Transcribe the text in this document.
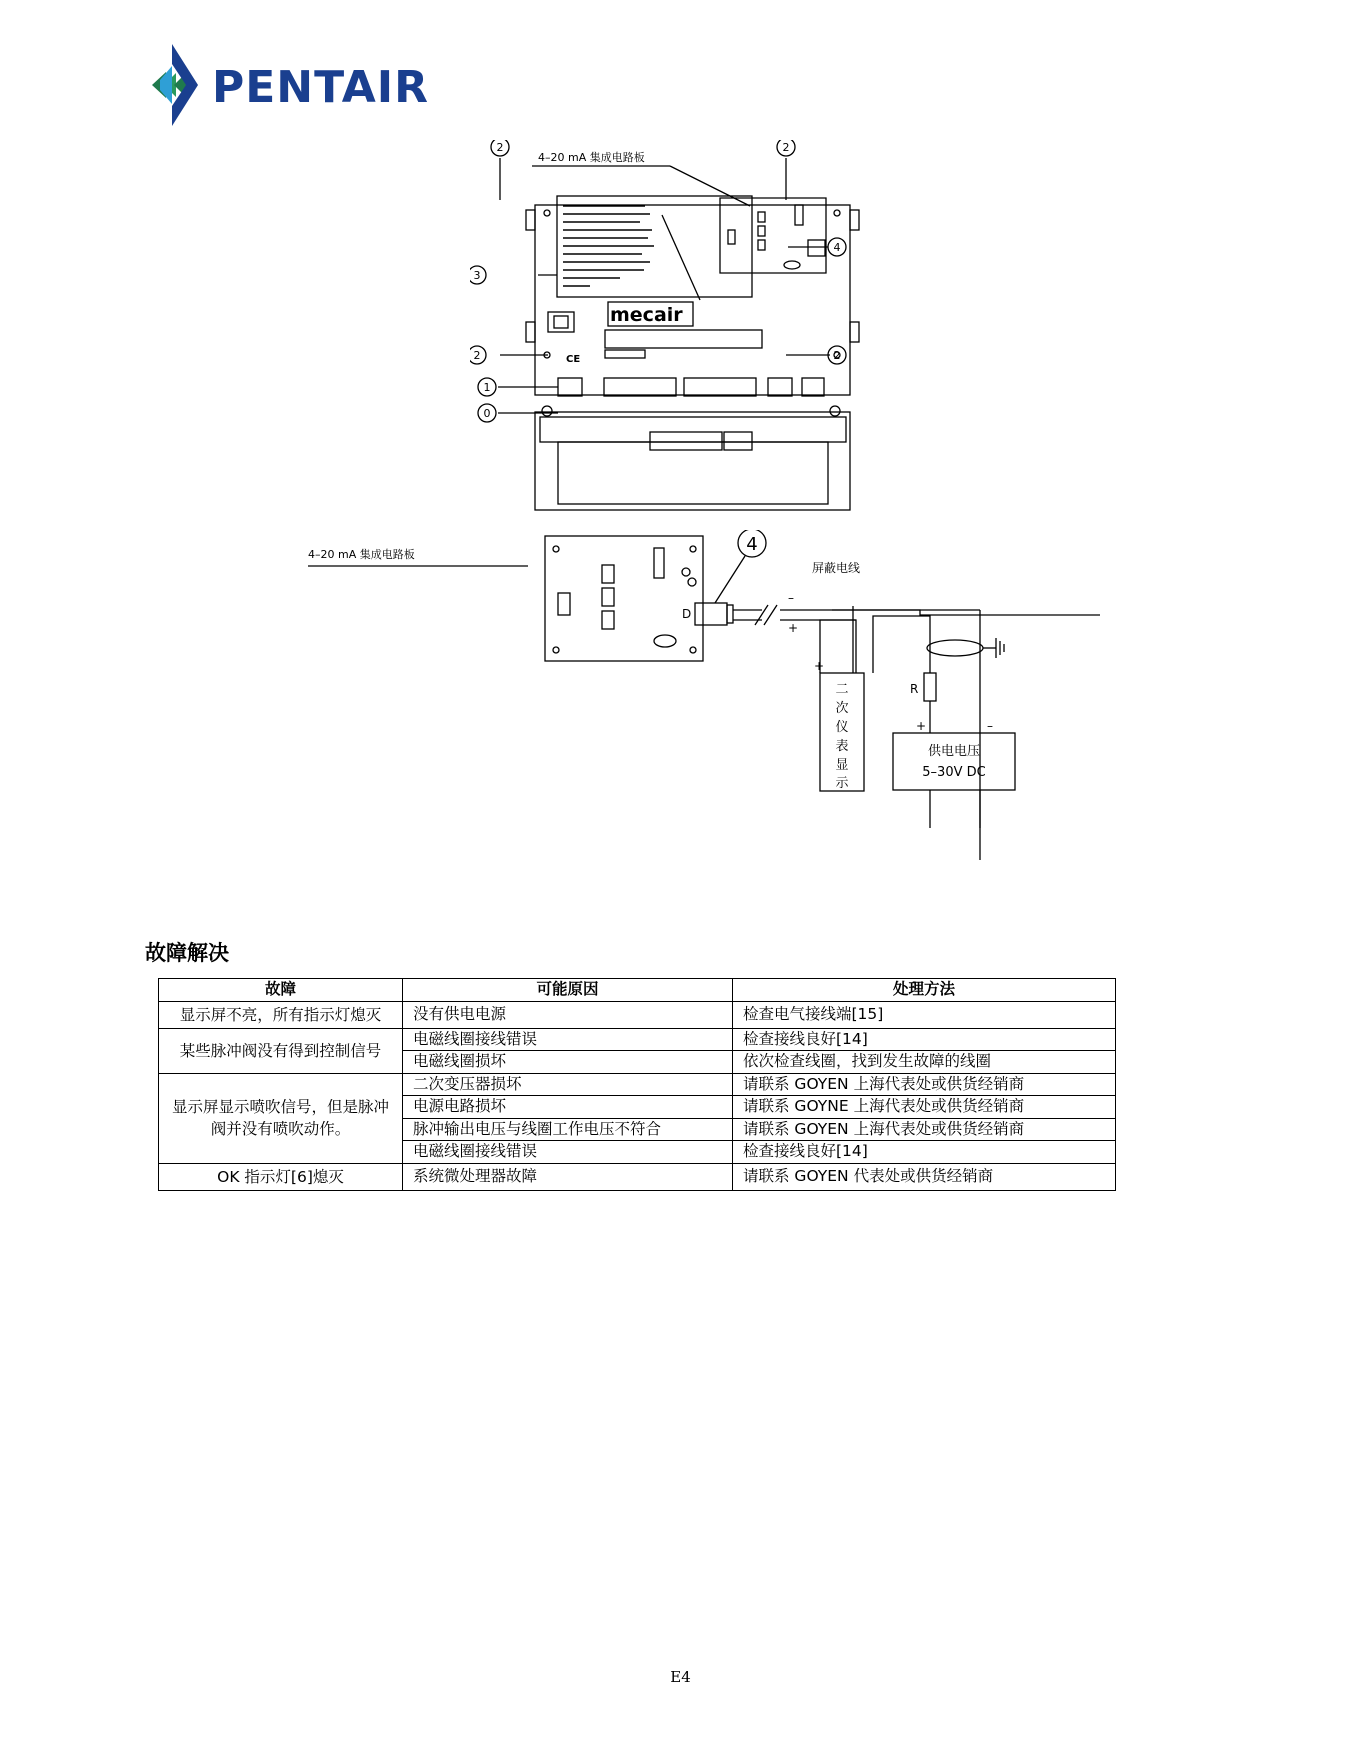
PENTAIR
2	2
3
4
2	2
1
0
4–20 mA 集成电路板
mecair
CE
4–20 mA 集成电路板	4
D
屏蔽电线
–
+
+
R
+	–
二
次
仪
表
显
示
供电电压
5–30V DC
故障解决
故障	可能原因	处理方法
显示屏不亮，所有指示灯熄灭	没有供电电源	检查电气接线端[15]
某些脉冲阀没有得到控制信号	电磁线圈接线错误	检查接线良好[14]
	电磁线圈损坏	依次检查线圈，找到发生故障的线圈
显示屏显示喷吹信号，但是脉冲阀并没有喷吹动作。	二次变压器损坏	请联系 GOYEN 上海代表处或供货经销商
	电源电路损坏	请联系 GOYNE 上海代表处或供货经销商
	脉冲输出电压与线圈工作电压不符合	请联系 GOYEN 上海代表处或供货经销商
	电磁线圈接线错误	检查接线良好[14]
OK 指示灯[6]熄灭	系统微处理器故障	请联系 GOYEN 代表处或供货经销商
E4
